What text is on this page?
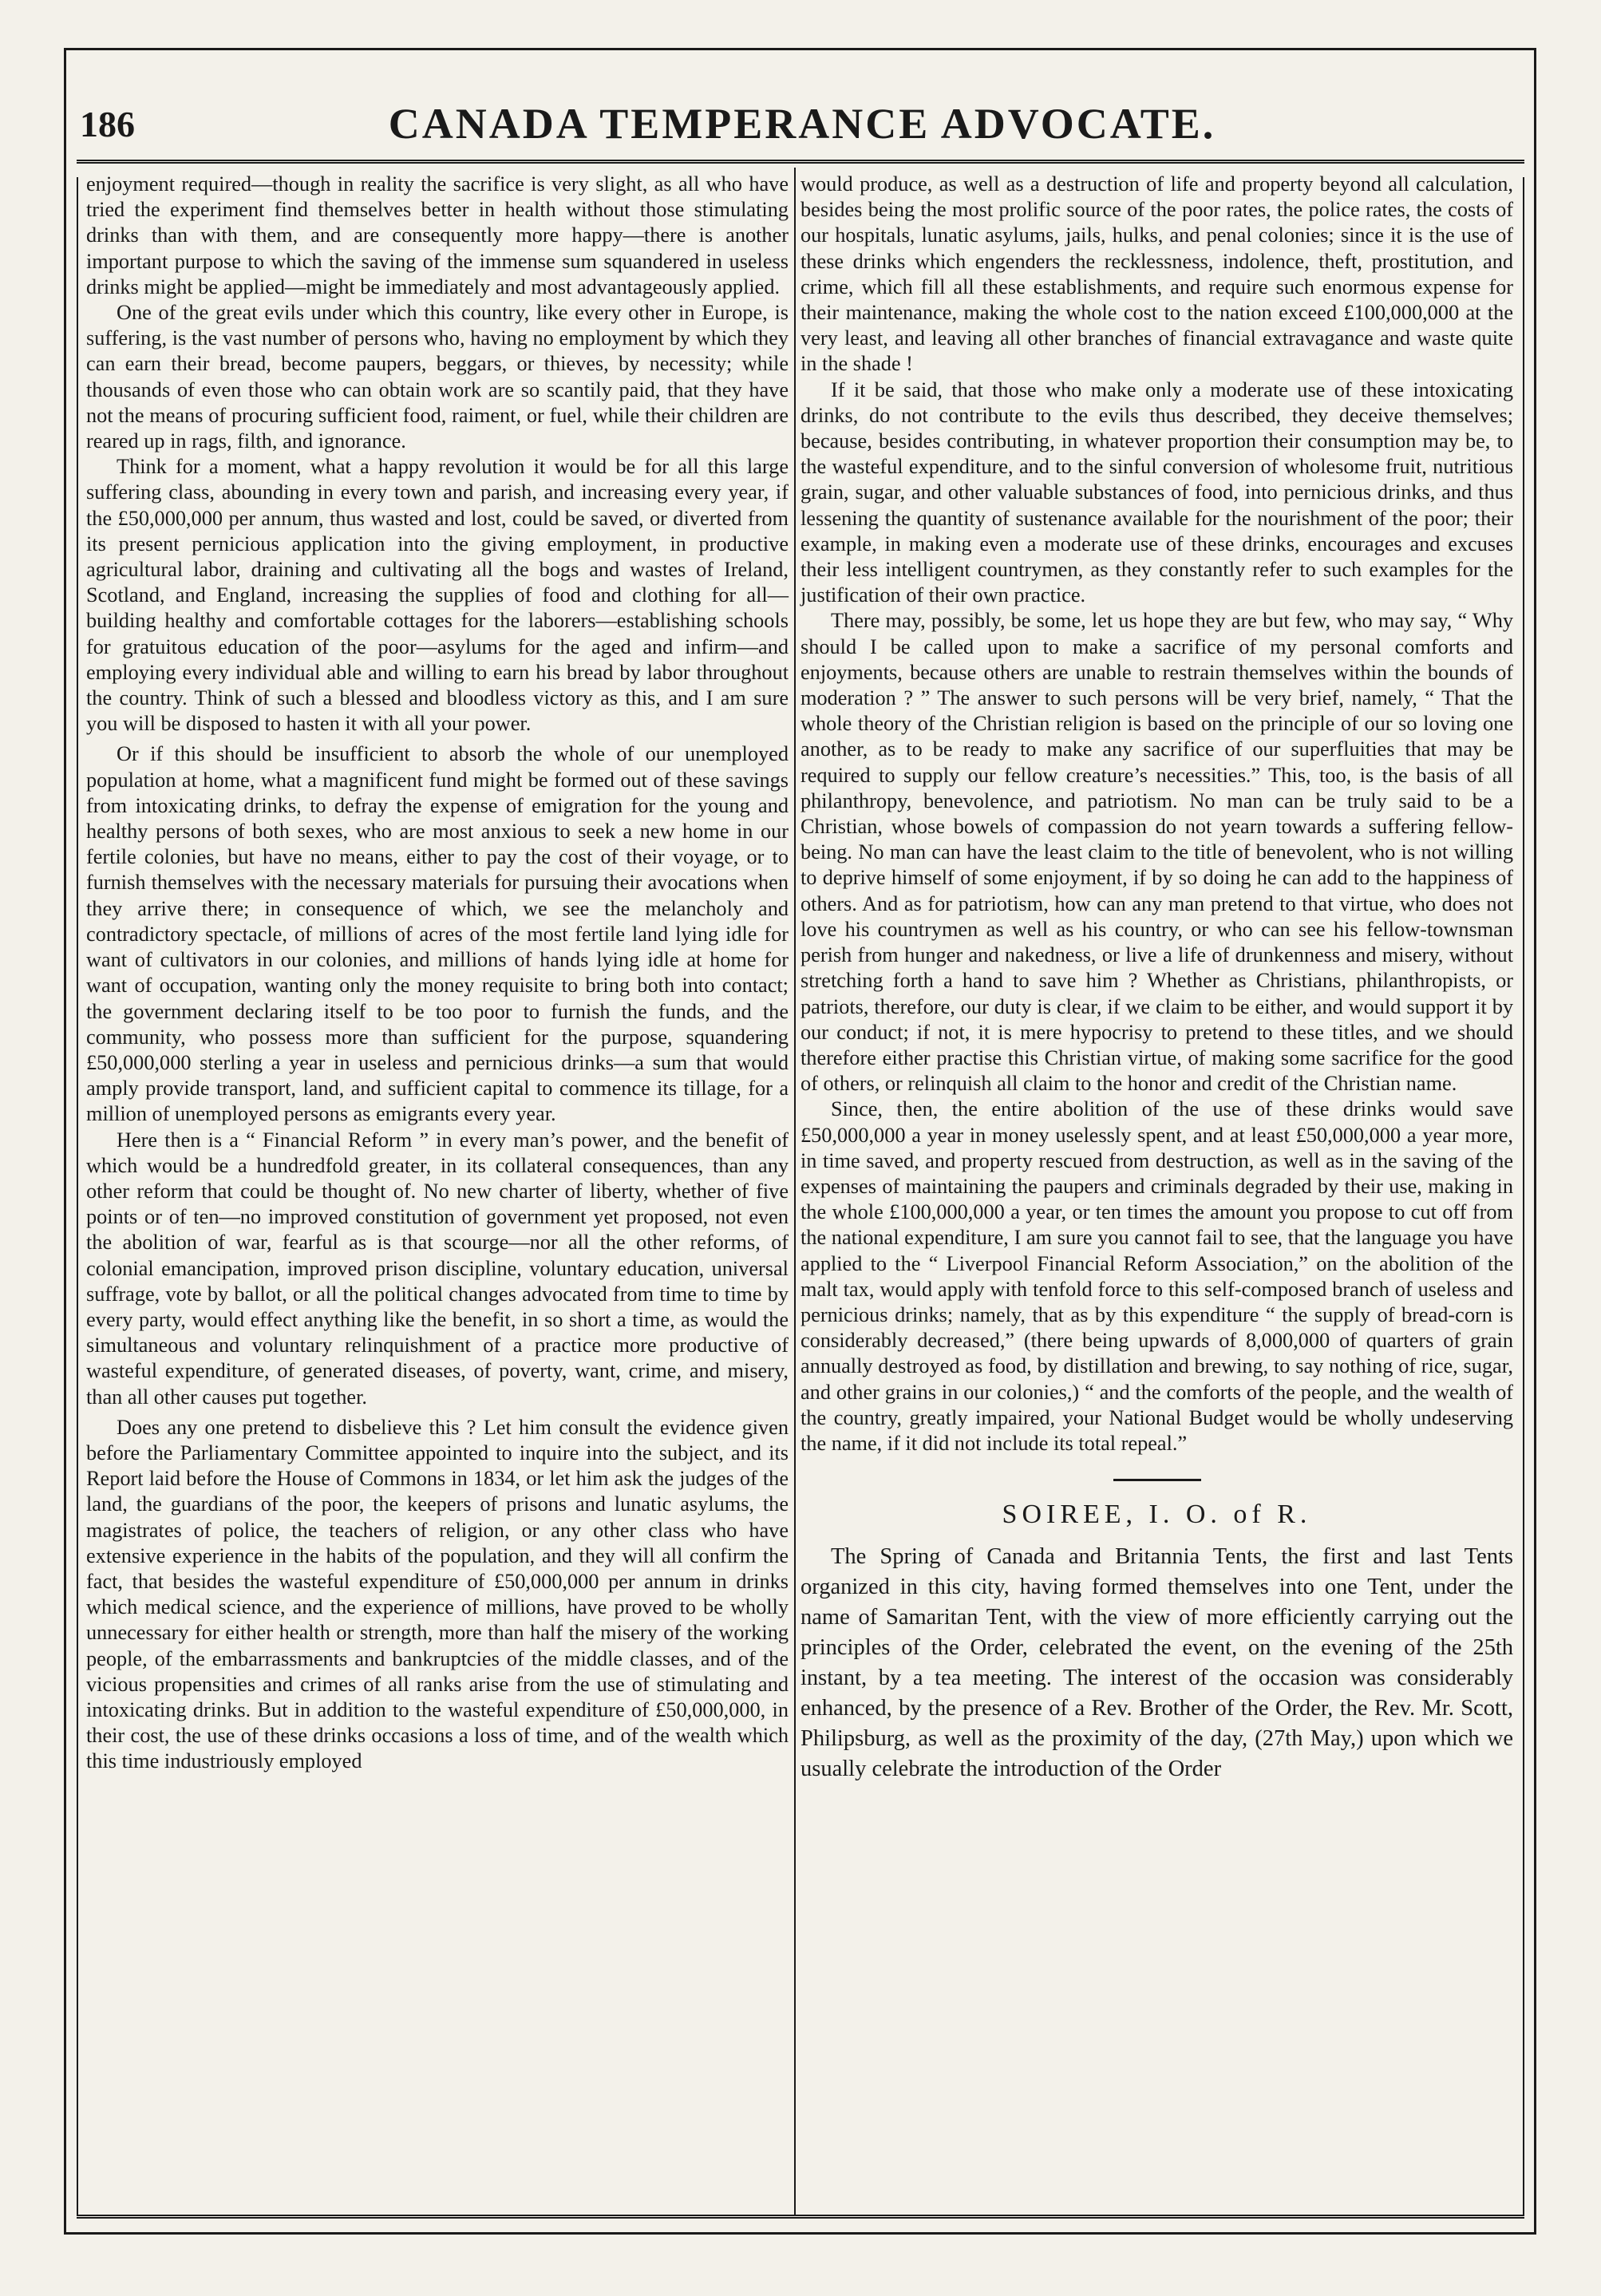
186	CANADA TEMPERANCE ADVOCATE.

enjoyment required—though in reality the sacrifice is very slight, as all who have tried the experiment find themselves better in health without those stimulating drinks than with them, and are consequently more happy—there is another important purpose to which the saving of the immense sum squandered in useless drinks might be applied—might be immediately and most advantageously applied.

One of the great evils under which this country, like every other in Europe, is suffering, is the vast number of persons who, having no employment by which they can earn their bread, become paupers, beggars, or thieves, by necessity; while thousands of even those who can obtain work are so scantily paid, that they have not the means of procuring sufficient food, raiment, or fuel, while their children are reared up in rags, filth, and ignorance.

Think for a moment, what a happy revolution it would be for all this large suffering class, abounding in every town and parish, and increasing every year, if the £50,000,000 per annum, thus wasted and lost, could be saved, or diverted from its present pernicious application into the giving employment, in productive agricultural labor, draining and cultivating all the bogs and wastes of Ireland, Scotland, and England, increasing the supplies of food and clothing for all—building healthy and comfortable cottages for the laborers—establishing schools for gratuitous education of the poor—asylums for the aged and infirm—and employing every individual able and willing to earn his bread by labor throughout the country. Think of such a blessed and bloodless victory as this, and I am sure you will be disposed to hasten it with all your power.

Or if this should be insufficient to absorb the whole of our unemployed population at home, what a magnificent fund might be formed out of these savings from intoxicating drinks, to defray the expense of emigration for the young and healthy persons of both sexes, who are most anxious to seek a new home in our fertile colonies, but have no means, either to pay the cost of their voyage, or to furnish themselves with the necessary materials for pursuing their avocations when they arrive there; in consequence of which, we see the melancholy and contradictory spectacle, of millions of acres of the most fertile land lying idle for want of cultivators in our colonies, and millions of hands lying idle at home for want of occupation, wanting only the money requisite to bring both into contact; the government declaring itself to be too poor to furnish the funds, and the community, who possess more than sufficient for the purpose, squandering £50,000,000 sterling a year in useless and pernicious drinks—a sum that would amply provide transport, land, and sufficient capital to commence its tillage, for a million of unemployed persons as emigrants every year.

Here then is a “ Financial Reform ” in every man’s power, and the benefit of which would be a hundredfold greater, in its collateral consequences, than any other reform that could be thought of. No new charter of liberty, whether of five points or of ten—no improved constitution of government yet proposed, not even the abolition of war, fearful as is that scourge—nor all the other reforms, of colonial emancipation, improved prison discipline, voluntary education, universal suffrage, vote by ballot, or all the political changes advocated from time to time by every party, would effect anything like the benefit, in so short a time, as would the simultaneous and voluntary relinquishment of a practice more productive of wasteful expenditure, of generated diseases, of poverty, want, crime, and misery, than all other causes put together.

Does any one pretend to disbelieve this ? Let him consult the evidence given before the Parliamentary Committee appointed to inquire into the subject, and its Report laid before the House of Commons in 1834, or let him ask the judges of the land, the guardians of the poor, the keepers of prisons and lunatic asylums, the magistrates of police, the teachers of religion, or any other class who have extensive experience in the habits of the population, and they will all confirm the fact, that besides the wasteful expenditure of £50,000,000 per annum in drinks which medical science, and the experience of millions, have proved to be wholly unnecessary for either health or strength, more than half the misery of the working people, of the embarrassments and bankruptcies of the middle classes, and of the vicious propensities and crimes of all ranks arise from the use of stimulating and intoxicating drinks. But in addition to the wasteful expenditure of £50,000,000, in their cost, the use of these drinks occasions a loss of time, and of the wealth which this time industriously employed

would produce, as well as a destruction of life and property beyond all calculation, besides being the most prolific source of the poor rates, the police rates, the costs of our hospitals, lunatic asylums, jails, hulks, and penal colonies; since it is the use of these drinks which engenders the recklessness, indolence, theft, prostitution, and crime, which fill all these establishments, and require such enormous expense for their maintenance, making the whole cost to the nation exceed £100,000,000 at the very least, and leaving all other branches of financial extravagance and waste quite in the shade !

If it be said, that those who make only a moderate use of these intoxicating drinks, do not contribute to the evils thus described, they deceive themselves; because, besides contributing, in whatever proportion their consumption may be, to the wasteful expenditure, and to the sinful conversion of wholesome fruit, nutritious grain, sugar, and other valuable substances of food, into pernicious drinks, and thus lessening the quantity of sustenance available for the nourishment of the poor; their example, in making even a moderate use of these drinks, encourages and excuses their less intelligent countrymen, as they constantly refer to such examples for the justification of their own practice.

There may, possibly, be some, let us hope they are but few, who may say, “ Why should I be called upon to make a sacrifice of my personal comforts and enjoyments, because others are unable to restrain themselves within the bounds of moderation ? ” The answer to such persons will be very brief, namely, “ That the whole theory of the Christian religion is based on the principle of our so loving one another, as to be ready to make any sacrifice of our superfluities that may be required to supply our fellow creature’s necessities.” This, too, is the basis of all philanthropy, benevolence, and patriotism. No man can be truly said to be a Christian, whose bowels of compassion do not yearn towards a suffering fellow-being. No man can have the least claim to the title of benevolent, who is not willing to deprive himself of some enjoyment, if by so doing he can add to the happiness of others. And as for patriotism, how can any man pretend to that virtue, who does not love his countrymen as well as his country, or who can see his fellow-townsman perish from hunger and nakedness, or live a life of drunkenness and misery, without stretching forth a hand to save him ? Whether as Christians, philanthropists, or patriots, therefore, our duty is clear, if we claim to be either, and would support it by our conduct; if not, it is mere hypocrisy to pretend to these titles, and we should therefore either practise this Christian virtue, of making some sacrifice for the good of others, or relinquish all claim to the honor and credit of the Christian name.

Since, then, the entire abolition of the use of these drinks would save £50,000,000 a year in money uselessly spent, and at least £50,000,000 a year more, in time saved, and property rescued from destruction, as well as in the saving of the expenses of maintaining the paupers and criminals degraded by their use, making in the whole £100,000,000 a year, or ten times the amount you propose to cut off from the national expenditure, I am sure you cannot fail to see, that the language you have applied to the “ Liverpool Financial Reform Association,” on the abolition of the malt tax, would apply with tenfold force to this self-composed branch of useless and pernicious drinks; namely, that as by this expenditure “ the supply of bread-corn is considerably decreased,” (there being upwards of 8,000,000 of quarters of grain annually destroyed as food, by distillation and brewing, to say nothing of rice, sugar, and other grains in our colonies,) “ and the comforts of the people, and the wealth of the country, greatly impaired, your National Budget would be wholly undeserving the name, if it did not include its total repeal.”

SOIREE, I. O. of R.

The Spring of Canada and Britannia Tents, the first and last Tents organized in this city, having formed themselves into one Tent, under the name of Samaritan Tent, with the view of more efficiently carrying out the principles of the Order, celebrated the event, on the evening of the 25th instant, by a tea meeting. The interest of the occasion was considerably enhanced, by the presence of a Rev. Brother of the Order, the Rev. Mr. Scott, Philipsburg, as well as the proximity of the day, (27th May,) upon which we usually celebrate the introduction of the Order
